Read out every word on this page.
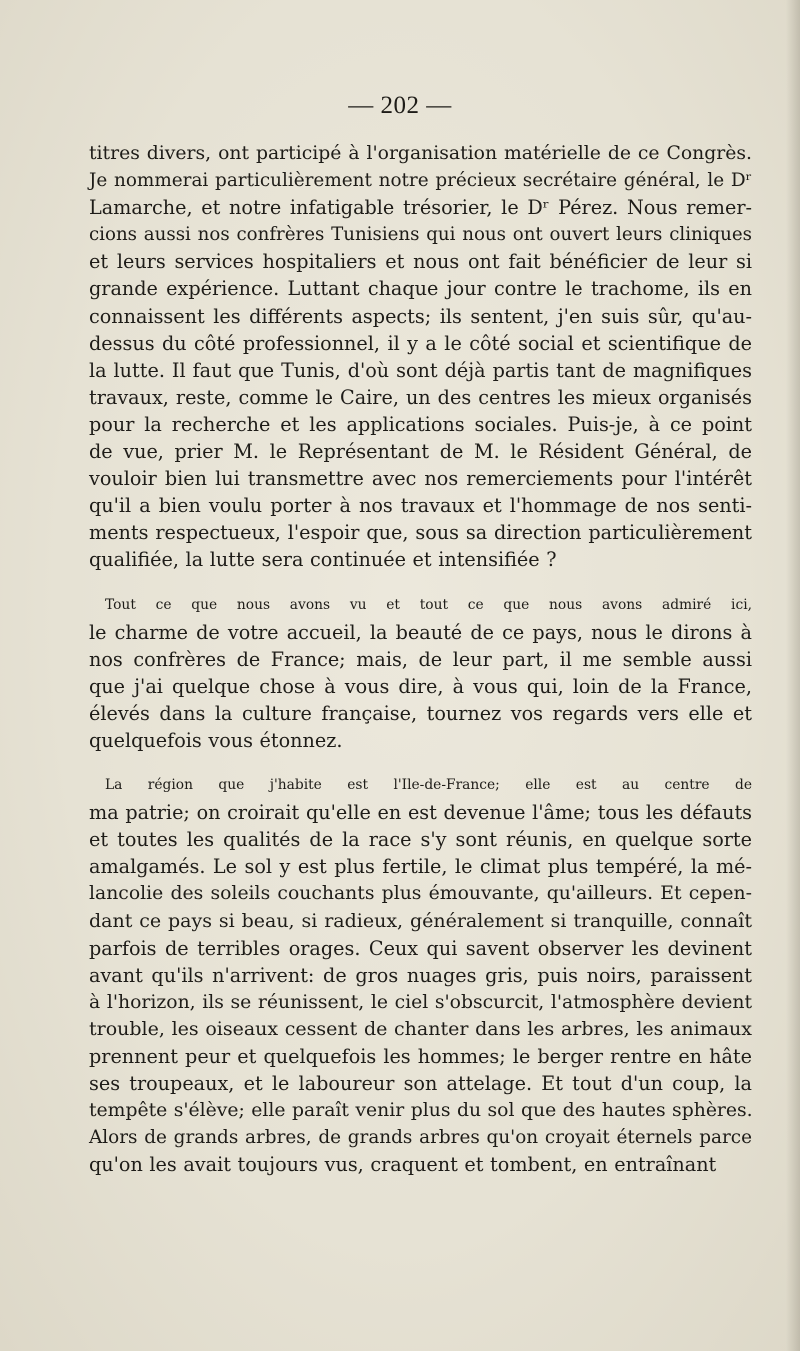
— 202 —

titres divers, ont participé à l'organisation matérielle de ce Congrès.
Je nommerai particulièrement notre précieux secrétaire général, le Dʳ
Lamarche, et notre infatigable trésorier, le Dʳ Pérez. Nous remer-
cions aussi nos confrères Tunisiens qui nous ont ouvert leurs cliniques
et leurs services hospitaliers et nous ont fait bénéficier de leur si
grande expérience. Luttant chaque jour contre le trachome, ils en
connaissent les différents aspects; ils sentent, j'en suis sûr, qu'au-
dessus du côté professionnel, il y a le côté social et scientifique de
la lutte. Il faut que Tunis, d'où sont déjà partis tant de magnifiques
travaux, reste, comme le Caire, un des centres les mieux organisés
pour la recherche et les applications sociales. Puis-je, à ce point
de vue, prier M. le Représentant de M. le Résident Général, de
vouloir bien lui transmettre avec nos remerciements pour l'intérêt
qu'il a bien voulu porter à nos travaux et l'hommage de nos senti-
ments respectueux, l'espoir que, sous sa direction particulièrement
qualifiée, la lutte sera continuée et intensifiée ?

Tout ce que nous avons vu et tout ce que nous avons admiré ici,
le charme de votre accueil, la beauté de ce pays, nous le dirons à
nos confrères de France; mais, de leur part, il me semble aussi
que j'ai quelque chose à vous dire, à vous qui, loin de la France,
élevés dans la culture française, tournez vos regards vers elle et
quelquefois vous étonnez.

La région que j'habite est l'Ile-de-France; elle est au centre de
ma patrie; on croirait qu'elle en est devenue l'âme; tous les défauts
et toutes les qualités de la race s'y sont réunis, en quelque sorte
amalgamés. Le sol y est plus fertile, le climat plus tempéré, la mé-
lancolie des soleils couchants plus émouvante, qu'ailleurs. Et cepen-
dant ce pays si beau, si radieux, généralement si tranquille, connaît
parfois de terribles orages. Ceux qui savent observer les devinent
avant qu'ils n'arrivent: de gros nuages gris, puis noirs, paraissent
à l'horizon, ils se réunissent, le ciel s'obscurcit, l'atmosphère devient
trouble, les oiseaux cessent de chanter dans les arbres, les animaux
prennent peur et quelquefois les hommes; le berger rentre en hâte
ses troupeaux, et le laboureur son attelage. Et tout d'un coup, la
tempête s'élève; elle paraît venir plus du sol que des hautes sphères.
Alors de grands arbres, de grands arbres qu'on croyait éternels parce
qu'on les avait toujours vus, craquent et tombent, en entraînant
